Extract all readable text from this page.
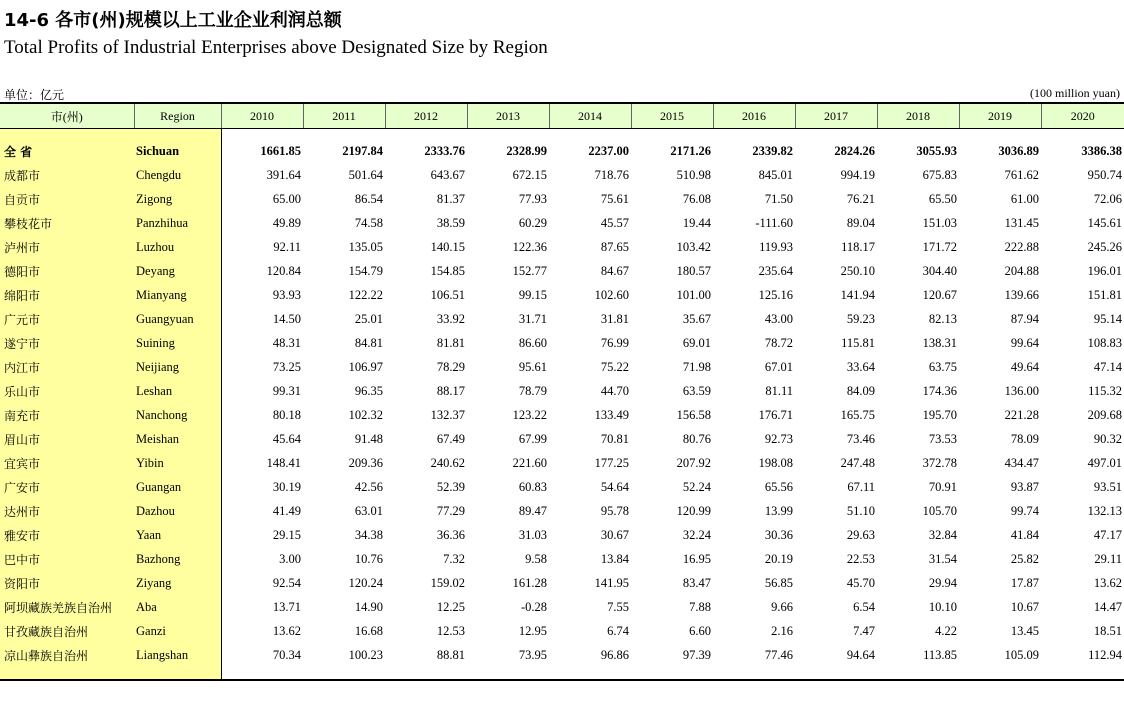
14-6 各市(州)规模以上工业企业利润总额
Total Profits of Industrial Enterprises above Designated Size by Region
单位：亿元	(100 million yuan)
市(州)	Region	2010	2011	2012	2013	2014	2015	2016	2017	2018	2019	2020

全 省	Sichuan	1661.85	2197.84	2333.76	2328.99	2237.00	2171.26	2339.82	2824.26	3055.93	3036.89	3386.38
成都市	Chengdu	391.64	501.64	643.67	672.15	718.76	510.98	845.01	994.19	675.83	761.62	950.74
自贡市	Zigong	65.00	86.54	81.37	77.93	75.61	76.08	71.50	76.21	65.50	61.00	72.06
攀枝花市	Panzhihua	49.89	74.58	38.59	60.29	45.57	19.44	-111.60	89.04	151.03	131.45	145.61
泸州市	Luzhou	92.11	135.05	140.15	122.36	87.65	103.42	119.93	118.17	171.72	222.88	245.26
德阳市	Deyang	120.84	154.79	154.85	152.77	84.67	180.57	235.64	250.10	304.40	204.88	196.01
绵阳市	Mianyang	93.93	122.22	106.51	99.15	102.60	101.00	125.16	141.94	120.67	139.66	151.81
广元市	Guangyuan	14.50	25.01	33.92	31.71	31.81	35.67	43.00	59.23	82.13	87.94	95.14
遂宁市	Suining	48.31	84.81	81.81	86.60	76.99	69.01	78.72	115.81	138.31	99.64	108.83
内江市	Neijiang	73.25	106.97	78.29	95.61	75.22	71.98	67.01	33.64	63.75	49.64	47.14
乐山市	Leshan	99.31	96.35	88.17	78.79	44.70	63.59	81.11	84.09	174.36	136.00	115.32
南充市	Nanchong	80.18	102.32	132.37	123.22	133.49	156.58	176.71	165.75	195.70	221.28	209.68
眉山市	Meishan	45.64	91.48	67.49	67.99	70.81	80.76	92.73	73.46	73.53	78.09	90.32
宜宾市	Yibin	148.41	209.36	240.62	221.60	177.25	207.92	198.08	247.48	372.78	434.47	497.01
广安市	Guangan	30.19	42.56	52.39	60.83	54.64	52.24	65.56	67.11	70.91	93.87	93.51
达州市	Dazhou	41.49	63.01	77.29	89.47	95.78	120.99	13.99	51.10	105.70	99.74	132.13
雅安市	Yaan	29.15	34.38	36.36	31.03	30.67	32.24	30.36	29.63	32.84	41.84	47.17
巴中市	Bazhong	3.00	10.76	7.32	9.58	13.84	16.95	20.19	22.53	31.54	25.82	29.11
资阳市	Ziyang	92.54	120.24	159.02	161.28	141.95	83.47	56.85	45.70	29.94	17.87	13.62
阿坝藏族羌族自治州	Aba	13.71	14.90	12.25	-0.28	7.55	7.88	9.66	6.54	10.10	10.67	14.47
甘孜藏族自治州	Ganzi	13.62	16.68	12.53	12.95	6.74	6.60	2.16	7.47	4.22	13.45	18.51
凉山彝族自治州	Liangshan	70.34	100.23	88.81	73.95	96.86	97.39	77.46	94.64	113.85	105.09	112.94
